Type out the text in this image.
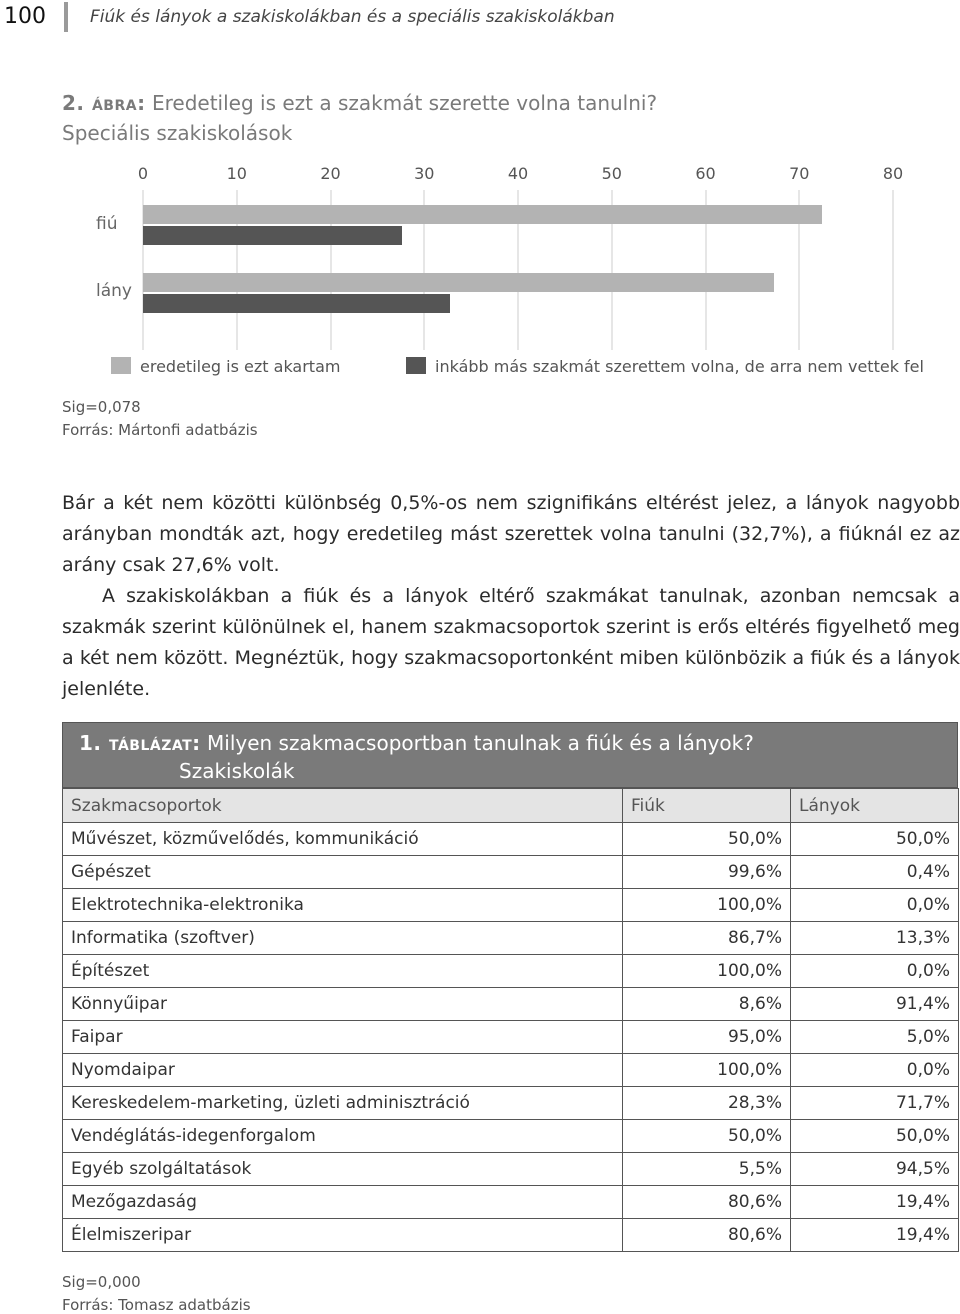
100	Fiúk és lányok a szakiskolákban és a speciális szakiskolákban
2. ábra: Eredetileg is ezt a szakmát szerette volna tanulni?
Speciális szakiskolások
0	10	20	30	40	50	60	70	80
fiú
lány
eredetileg is ezt akartam	inkább más szakmát szerettem volna, de arra nem vettek fel
Sig=0,078
Forrás: Mártonfi adatbázis

Bár a két nem közötti különbség 0,5%-os nem szignifikáns eltérést jelez, a lányok nagyobb arányban mondták azt, hogy eredetileg mást szerettek volna tanulni (32,7%), a fiúknál ez az arány csak 27,6% volt.

A szakiskolákban a fiúk és a lányok eltérő szakmákat tanulnak, azonban nemcsak a szakmák szerint különülnek el, hanem szakmacsoportok szerint is erős eltérés figyelhető meg a két nem között. Megnéztük, hogy szakmacsoportonként miben különbözik a fiúk és a lányok jelenléte.

1. táblázat: Milyen szakmacsoportban tanulnak a fiúk és a lányok?
Szakiskolák
Szakmacsoportok	Fiúk	Lányok
Művészet, közművelődés, kommunikáció	50,0%	50,0%
Gépészet	99,6%	0,4%
Elektrotechnika-elektronika	100,0%	0,0%
Informatika (szoftver)	86,7%	13,3%
Építészet	100,0%	0,0%
Könnyűipar	8,6%	91,4%
Faipar	95,0%	5,0%
Nyomdaipar	100,0%	0,0%
Kereskedelem-marketing, üzleti adminisztráció	28,3%	71,7%
Vendéglátás-idegenforgalom	50,0%	50,0%
Egyéb szolgáltatások	5,5%	94,5%
Mezőgazdaság	80,6%	19,4%
Élelmiszeripar	80,6%	19,4%
Sig=0,000
Forrás: Tomasz adatbázis
